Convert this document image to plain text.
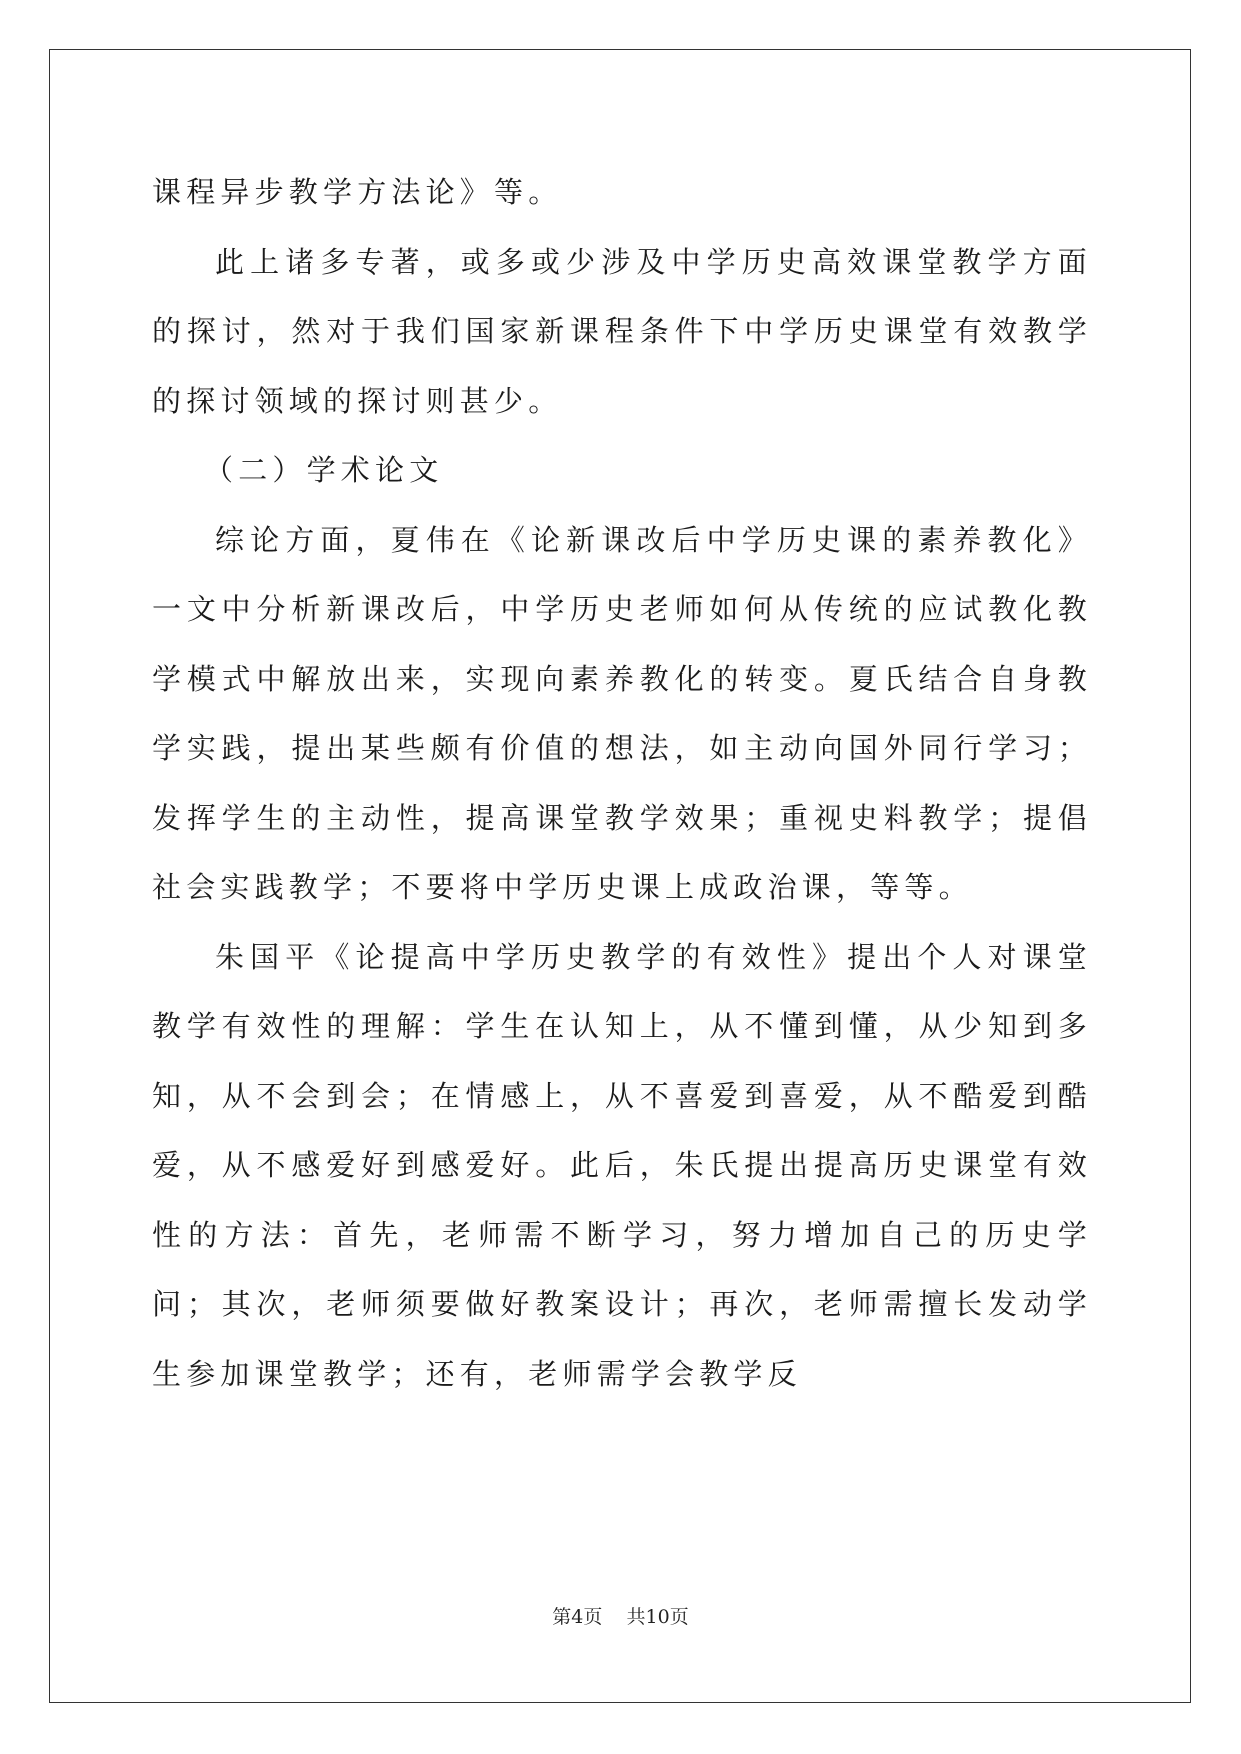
课程异步教学方法论》等。

此上诸多专著，或多或少涉及中学历史高效课堂教学方面的探讨，然对于我们国家新课程条件下中学历史课堂有效教学的探讨领域的探讨则甚少。

（二）学术论文

综论方面，夏伟在《论新课改后中学历史课的素养教化》一文中分析新课改后，中学历史老师如何从传统的应试教化教学模式中解放出来，实现向素养教化的转变。夏氏结合自身教学实践，提出某些颇有价值的想法，如主动向国外同行学习；发挥学生的主动性，提高课堂教学效果；重视史料教学；提倡社会实践教学；不要将中学历史课上成政治课，等等。

朱国平《论提高中学历史教学的有效性》提出个人对课堂教学有效性的理解：学生在认知上，从不懂到懂，从少知到多知，从不会到会；在情感上，从不喜爱到喜爱，从不酷爱到酷爱，从不感爱好到感爱好。此后，朱氏提出提高历史课堂有效性的方法：首先，老师需不断学习，努力增加自己的历史学问；其次，老师须要做好教案设计；再次，老师需擅长发动学生参加课堂教学；还有，老师需学会教学反

第4页 共10页
